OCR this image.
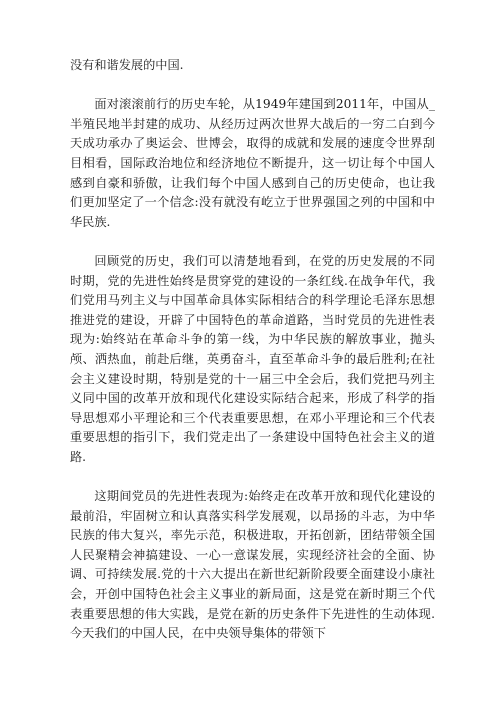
没有和谐发展的中国.

面对滚滚前行的历史车轮，从1949年建国到2011年，中国从_半殖民地半封建的成功、从经历过两次世界大战后的一穷二白到今天成功承办了奥运会、世博会，取得的成就和发展的速度令世界刮目相看，国际政治地位和经济地位不断提升，这一切让每个中国人感到自豪和骄傲，让我们每个中国人感到自己的历史使命，也让我们更加坚定了一个信念:没有就没有屹立于世界强国之列的中国和中华民族.

回顾党的历史，我们可以清楚地看到，在党的历史发展的不同时期，党的先进性始终是贯穿党的建设的一条红线.在战争年代，我们党用马列主义与中国革命具体实际相结合的科学理论毛泽东思想推进党的建设，开辟了中国特色的革命道路，当时党员的先进性表现为:始终站在革命斗争的第一线，为中华民族的解放事业，抛头颅、洒热血，前赴后继，英勇奋斗，直至革命斗争的最后胜利;在社会主义建设时期，特别是党的十一届三中全会后，我们党把马列主义同中国的改革开放和现代化建设实际结合起来，形成了科学的指导思想邓小平理论和三个代表重要思想，在邓小平理论和三个代表重要思想的指引下，我们党走出了一条建设中国特色社会主义的道路.

这期间党员的先进性表现为:始终走在改革开放和现代化建设的最前沿，牢固树立和认真落实科学发展观，以昂扬的斗志，为中华民族的伟大复兴，率先示范，积极进取，开拓创新，团结带领全国人民聚精会神搞建设、一心一意谋发展，实现经济社会的全面、协调、可持续发展.党的十六大提出在新世纪新阶段要全面建设小康社会，开创中国特色社会主义事业的新局面，这是党在新时期三个代表重要思想的伟大实践，是党在新的历史条件下先进性的生动体现.今天我们的中国人民，在中央领导集体的带领下
